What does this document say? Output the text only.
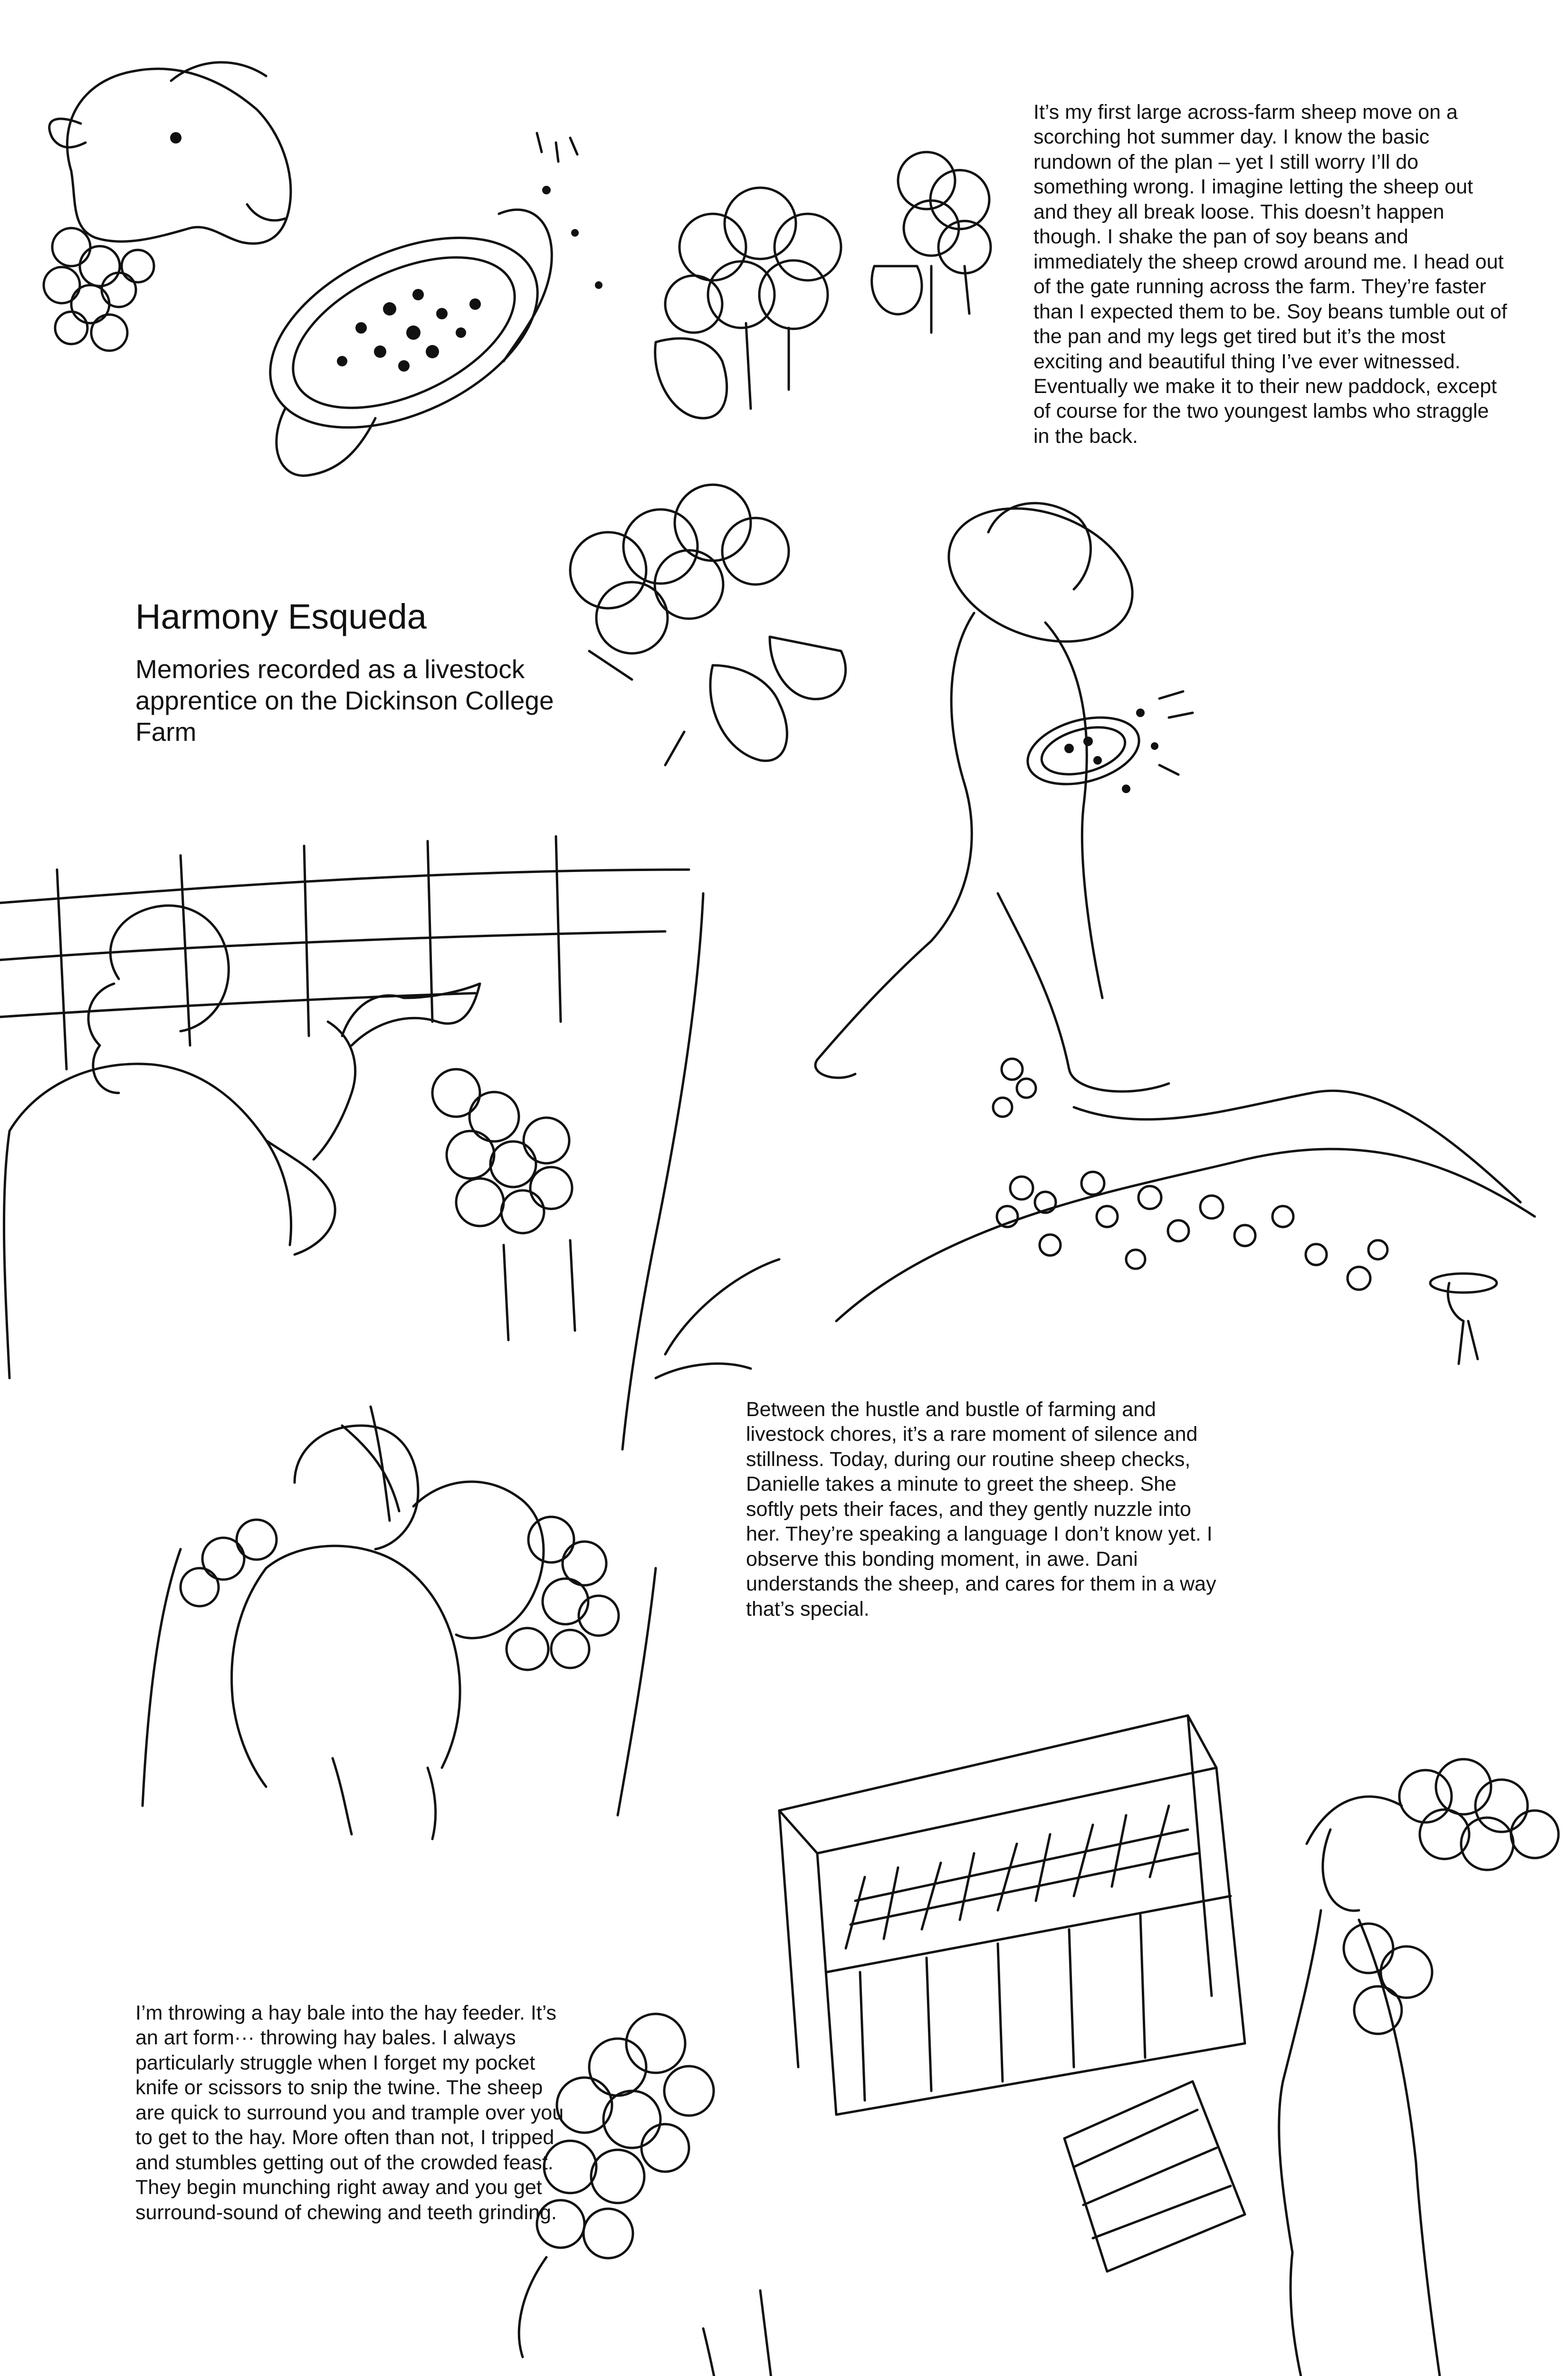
It’s my first large across-farm sheep move on a scorching hot summer day. I know the basic rundown of the plan – yet I still worry I’ll do something wrong. I imagine letting the sheep out and they all break loose. This doesn’t happen though. I shake the pan of soy beans and immediately the sheep crowd around me. I head out of the gate running across the farm. They’re faster than I expected them to be. Soy beans tumble out of the pan and my legs get tired but it’s the most exciting and beautiful thing I’ve ever witnessed. Eventually we make it to their new paddock, except of course for the two youngest lambs who straggle in the back.
Harmony Esqueda

Memories recorded as a livestock apprentice on the Dickinson College Farm

Between the hustle and bustle of farming and livestock chores, it’s a rare moment of silence and stillness. Today, during our routine sheep checks, Danielle takes a minute to greet the sheep. She softly pets their faces, and they gently nuzzle into her. They’re speaking a language I don’t know yet. I observe this bonding moment, in awe. Dani understands the sheep, and cares for them in a way that’s special.
I’m throwing a hay bale into the hay feeder. It’s an art form··· throwing hay bales. I always particularly struggle when I forget my pocket knife or scissors to snip the twine. The sheep are quick to surround you and trample over you to get to the hay. More often than not, I tripped and stumbles getting out of the crowded feast. They begin munching right away and you get surround-sound of chewing and teeth grinding.
